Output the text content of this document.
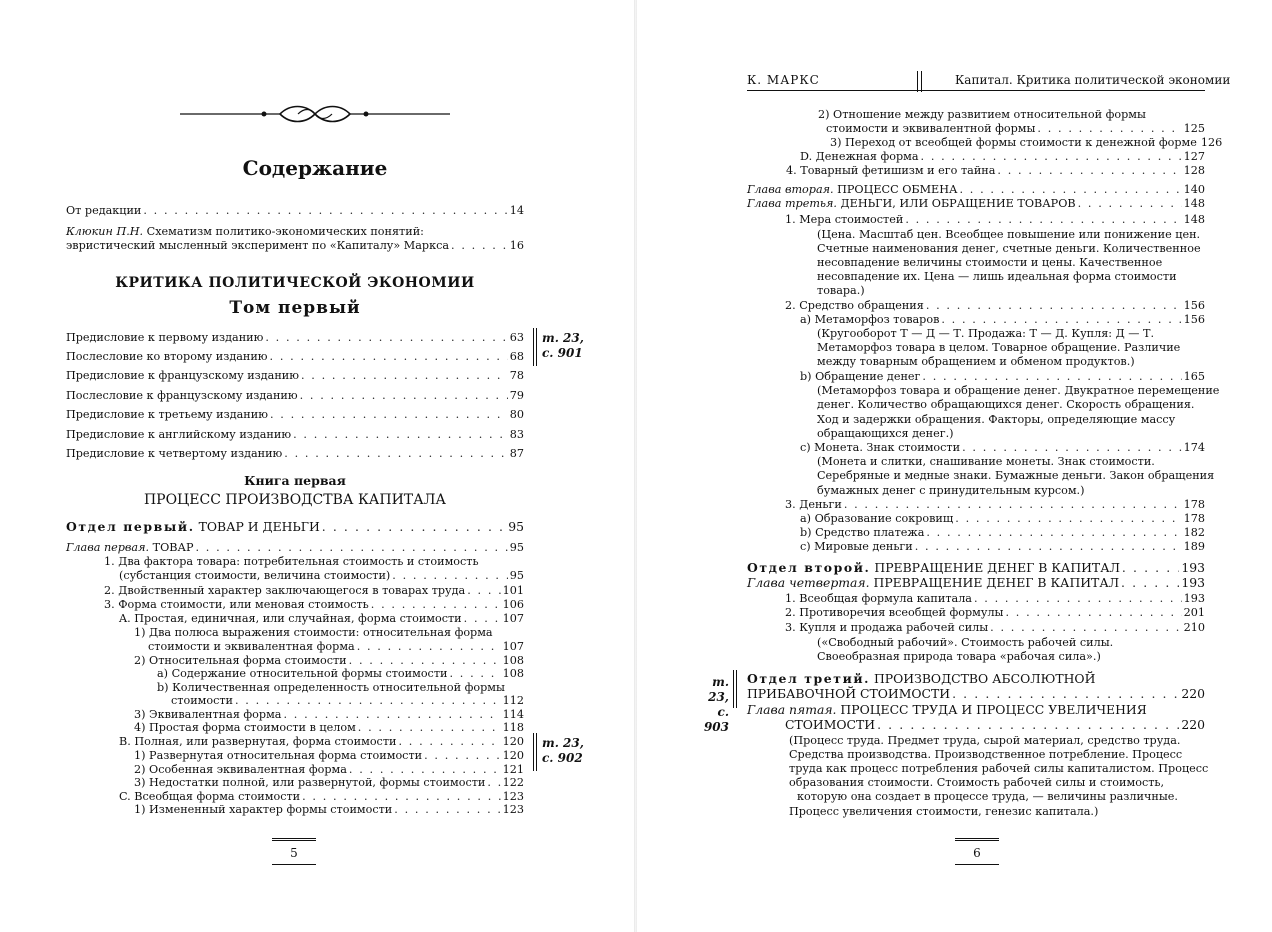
Содержание
От редакции . . .	14
Клюкин П.Н. Схематизм политико-экономических понятий:
эвристический мысленный эксперимент по «Капиталу» Маркса . . .	16
КРИТИКА ПОЛИТИЧЕСКОЙ ЭКОНОМИИ
Том первый
Предисловие к первому изданию . . .	63
Послесловие ко второму изданию . . .	68
Предисловие к французскому изданию . . .	78
Послесловие к французскому изданию . . .	79
Предисловие к третьему изданию . . .	80
Предисловие к английскому изданию . . .	83
Предисловие к четвертому изданию . . .	87
т. 23,
с. 901
Книга первая
ПРОЦЕСС ПРОИЗВОДСТВА КАПИТАЛА
Отдел первый. ТОВАР И ДЕНЬГИ . . .	95
Глава первая. ТОВАР . . .	95
1. Два фактора товара: потребительная стоимость и стоимость
(субстанция стоимости, величина стоимости) . . .	95
2. Двойственный характер заключающегося в товарах труда . . .	101
3. Форма стоимости, или меновая стоимость . . .	106
A. Простая, единичная, или случайная, форма стоимости . . .	107
1) Два полюса выражения стоимости: относительная форма
стоимости и эквивалентная форма . . .	107
2) Относительная форма стоимости . . .	108
a) Содержание относительной формы стоимости . . .	108
b) Количественная определенность относительной формы
стоимости . . .	112
3) Эквивалентная форма . . .	114
4) Простая форма стоимости в целом . . .	118
B. Полная, или развернутая, форма стоимости . . .	120
1) Развернутая относительная форма стоимости . . .	120
2) Особенная эквивалентная форма . . .	121
3) Недостатки полной, или развернутой, формы стоимости . . . 122
C. Всеобщая форма стоимости . . .	123
1) Измененный характер формы стоимости . . .	123
т. 23,
с. 902
5
К. МАРКС	Капитал. Критика политической экономии
2) Отношение между развитием относительной формы
стоимости и эквивалентной формы . . .	125
3) Переход от всеобщей формы стоимости к денежной форме 126
D. Денежная форма . . .	127
4. Товарный фетишизм и его тайна . . .	128
Глава вторая. ПРОЦЕСС ОБМЕНА . . .	140
Глава третья. ДЕНЬГИ, ИЛИ ОБРАЩЕНИЕ ТОВАРОВ . . .	148
1. Мера стоимостей . . .	148
(Цена. Масштаб цен. Всеобщее повышение или понижение цен.
Счетные наименования денег, счетные деньги. Количественное
несовпадение величины стоимости и цены. Качественное
несовпадение их. Цена — лишь идеальная форма стоимости
товара.)
2. Средство обращения . . .	156
a) Метаморфоз товаров . . .	156
(Кругооборот Т — Д — Т. Продажа: Т — Д. Купля: Д — Т.
Метаморфоз товара в целом. Товарное обращение. Различие
между товарным обращением и обменом продуктов.)
b) Обращение денег . . .	165
(Метаморфоз товара и обращение денег. Двукратное перемещение
денег. Количество обращающихся денег. Скорость обращения.
Ход и задержки обращения. Факторы, определяющие массу
обращающихся денег.)
c) Монета. Знак стоимости . . .	174
(Монета и слитки, снашивание монеты. Знак стоимости.
Серебряные и медные знаки. Бумажные деньги. Закон обращения
бумажных денег с принудительным курсом.)
3. Деньги . . .	178
a) Образование сокровищ . . .	178
b) Средство платежа . . .	182
c) Мировые деньги . . .	189
Отдел второй. ПРЕВРАЩЕНИЕ ДЕНЕГ В КАПИТАЛ . . .	193
Глава четвертая. ПРЕВРАЩЕНИЕ ДЕНЕГ В КАПИТАЛ . . .	193
1. Всеобщая формула капитала . . .	193
2. Противоречия всеобщей формулы . . .	201
3. Купля и продажа рабочей силы . . .	210
(«Свободный рабочий». Стоимость рабочей силы.
Своеобразная природа товара «рабочая сила».)
Отдел третий. ПРОИЗВОДСТВО АБСОЛЮТНОЙ
ПРИБАВОЧНОЙ СТОИМОСТИ . . .	220
Глава пятая. ПРОЦЕСС ТРУДА И ПРОЦЕСС УВЕЛИЧЕНИЯ
СТОИМОСТИ . . .	220
(Процесс труда. Предмет труда, сырой материал, средство труда.
Средства производства. Производственное потребление. Процесс
труда как процесс потребления рабочей силы капиталистом. Процесс
образования стоимости. Стоимость рабочей силы и стоимость,
которую она создает в процессе труда, — величины различные.
Процесс увеличения стоимости, генезис капитала.)
т. 23,
с. 903
6
